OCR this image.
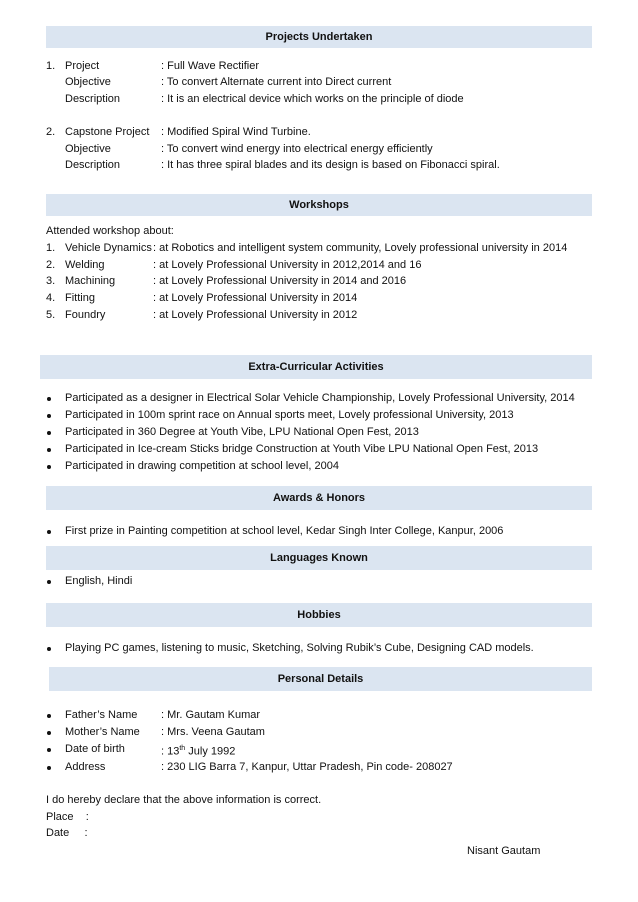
Projects Undertaken
1. Project	: Full Wave Rectifier
Objective	: To convert Alternate current into Direct current
Description	: It is an electrical device which works on the principle of diode
2. Capstone Project : Modified Spiral Wind Turbine.
Objective	: To convert wind energy into electrical energy efficiently
Description	: It has three spiral blades and its design is based on Fibonacci spiral.
Workshops
Attended workshop about:
1. Vehicle Dynamics : at Robotics and intelligent system community, Lovely professional university in 2014
2. Welding	: at Lovely Professional University in 2012,2014 and 16
3. Machining	: at Lovely Professional University in 2014 and 2016
4. Fitting	: at Lovely Professional University in 2014
5. Foundry	: at Lovely Professional University in 2012
Extra-Curricular Activities
Participated as a designer in Electrical Solar Vehicle Championship, Lovely Professional University, 2014
Participated in 100m sprint race on Annual sports meet, Lovely professional University, 2013
Participated in 360 Degree at Youth Vibe, LPU National Open Fest, 2013
Participated in Ice-cream Sticks bridge Construction at Youth Vibe LPU National Open Fest, 2013
Participated in drawing competition at school level, 2004
Awards & Honors
First prize in Painting competition at school level, Kedar Singh Inter College, Kanpur, 2006
Languages Known
English, Hindi
Hobbies
Playing PC games, listening to music, Sketching, Solving Rubik’s Cube, Designing CAD models.
Personal Details
Father’s Name : Mr. Gautam Kumar
Mother’s Name : Mrs. Veena Gautam
Date of birth	: 13th July 1992
Address	: 230 LIG Barra 7, Kanpur, Uttar Pradesh, Pin code- 208027
I do hereby declare that the above information is correct.
Place    :
Date     :
Nisant Gautam
